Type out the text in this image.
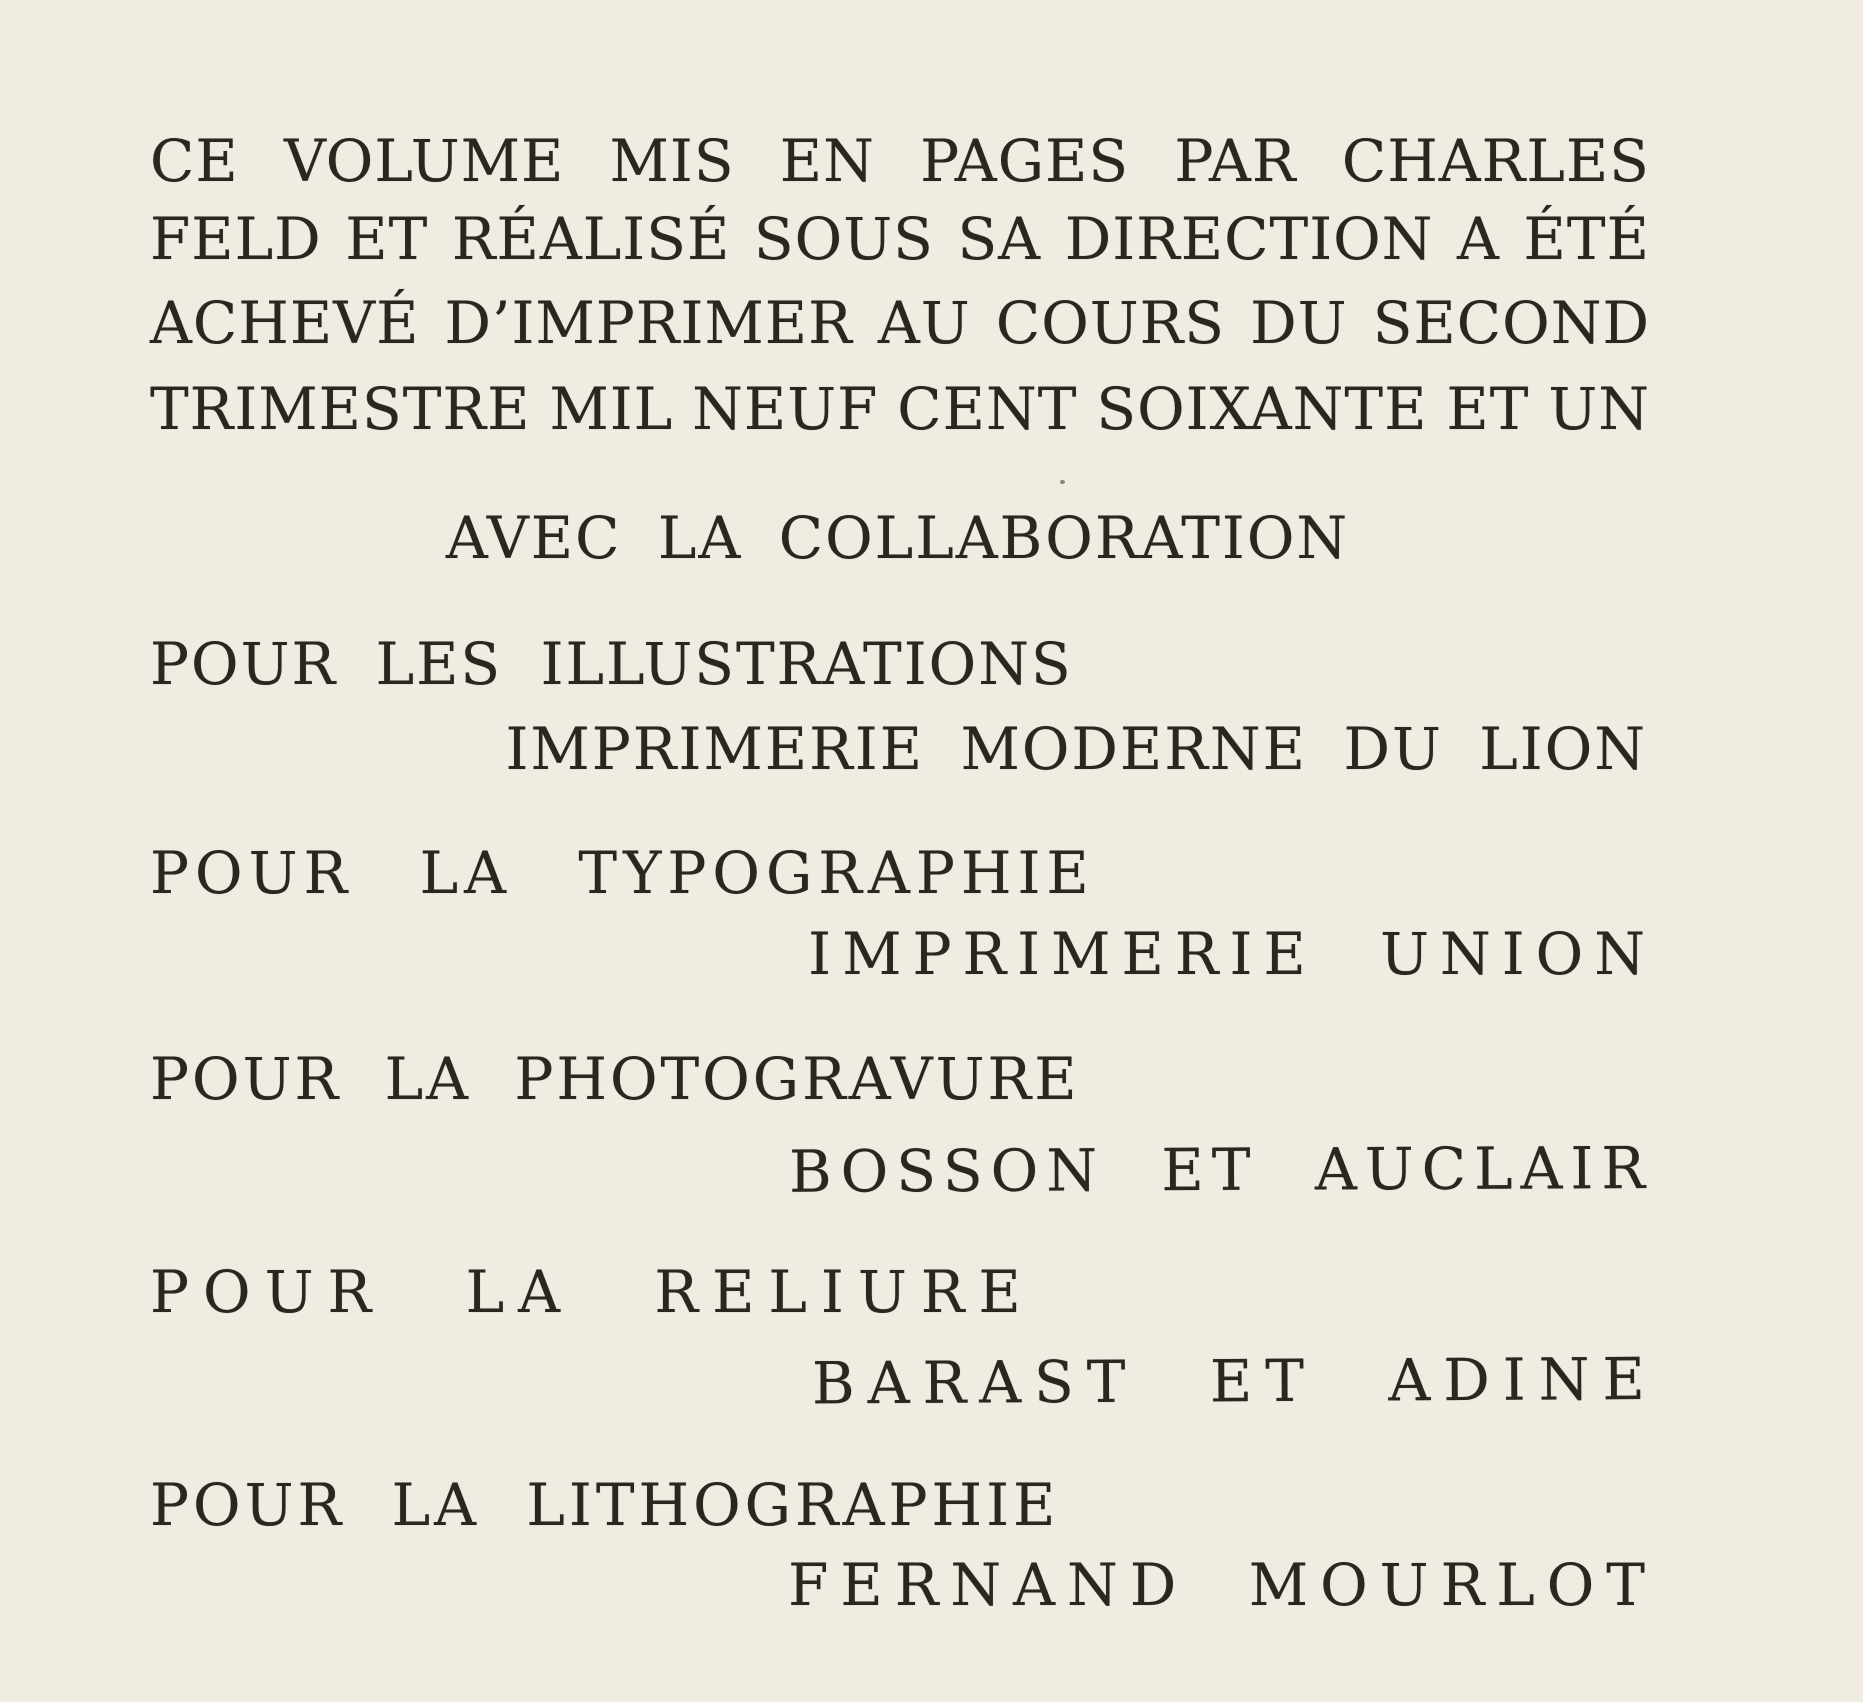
CE VOLUME MIS EN PAGES PAR CHARLES
FELD ET RÉALISÉ SOUS SA DIRECTION A ÉTÉ
ACHEVÉ D’IMPRIMER AU COURS DU SECOND
TRIMESTRE MIL NEUF CENT SOIXANTE ET UN
AVEC LA COLLABORATION
POUR LES ILLUSTRATIONS
IMPRIMERIE MODERNE DU LION
POUR LA TYPOGRAPHIE
IMPRIMERIE UNION
POUR LA PHOTOGRAVURE
BOSSON ET AUCLAIR
POUR LA RELIURE
BARAST ET ADINE
POUR LA LITHOGRAPHIE
FERNAND MOURLOT
